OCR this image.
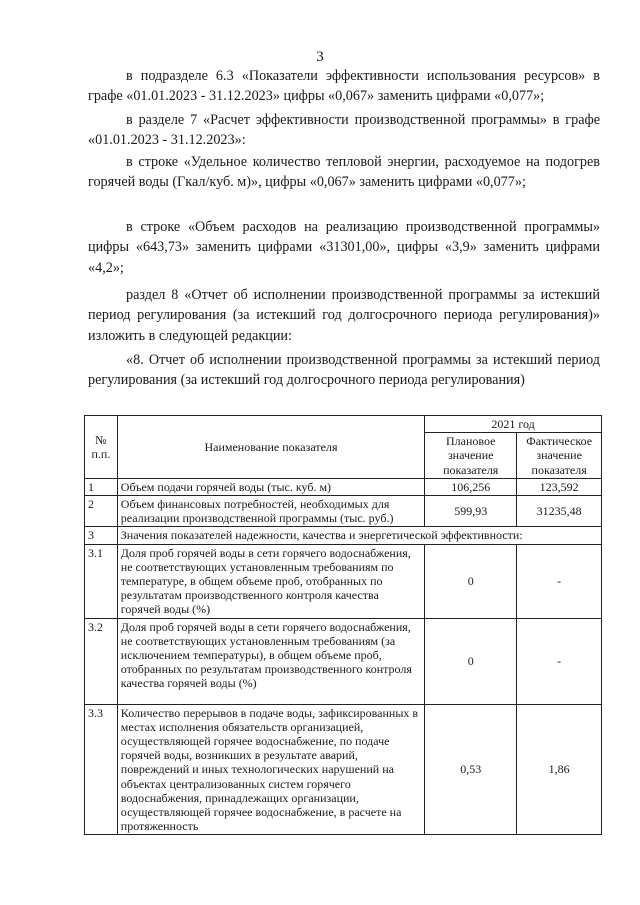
3
в подразделе 6.3 «Показатели эффективности использования ресурсов» в графе «01.01.2023 - 31.12.2023» цифры «0,067» заменить цифрами «0,077»;
в разделе 7 «Расчет эффективности производственной программы» в графе «01.01.2023 - 31.12.2023»:
в строке «Удельное количество тепловой энергии, расходуемое на подогрев горячей воды (Гкал/куб. м)», цифры «0,067» заменить цифрами «0,077»;
в строке «Объем расходов на реализацию производственной программы» цифры «643,73» заменить цифрами «31301,00», цифры «3,9» заменить цифрами «4,2»;
раздел 8 «Отчет об исполнении производственной программы за истекший период регулирования (за истекший год долгосрочного периода регулирования)» изложить в следующей редакции:
«8. Отчет об исполнении производственной программы за истекший период регулирования (за истекший год долгосрочного периода регулирования)
№ п.п.	Наименование показателя	2021 год	
		Плановое значение показателя	Фактическое значение показателя
1	Объем подачи горячей воды (тыс. куб. м)	106,256	123,592
2	Объем финансовых потребностей, необходимых для реализации производственной программы (тыс. руб.)	599,93	31235,48
3	Значения показателей надежности, качества и энергетической эффективности:		
3.1	Доля проб горячей воды в сети горячего водоснабжения, не соответствующих установленным требованиям по температуре, в общем объеме проб, отобранных по результатам производственного контроля качества горячей воды (%)	0	-
3.2	Доля проб горячей воды в сети горячего водоснабжения, не соответствующих установленным требованиям (за исключением температуры), в общем объеме проб, отобранных по результатам производственного контроля качества горячей воды (%)	0	-
3.3	Количество перерывов в подаче воды, зафиксированных в местах исполнения обязательств организацией, осуществляющей горячее водоснабжение, по подаче горячей воды, возникших в результате аварий, повреждений и иных технологических нарушений на объектах централизованных систем горячего водоснабжения, принадлежащих организации, осуществляющей горячее водоснабжение, в расчете на протяженность	0,53	1,86
